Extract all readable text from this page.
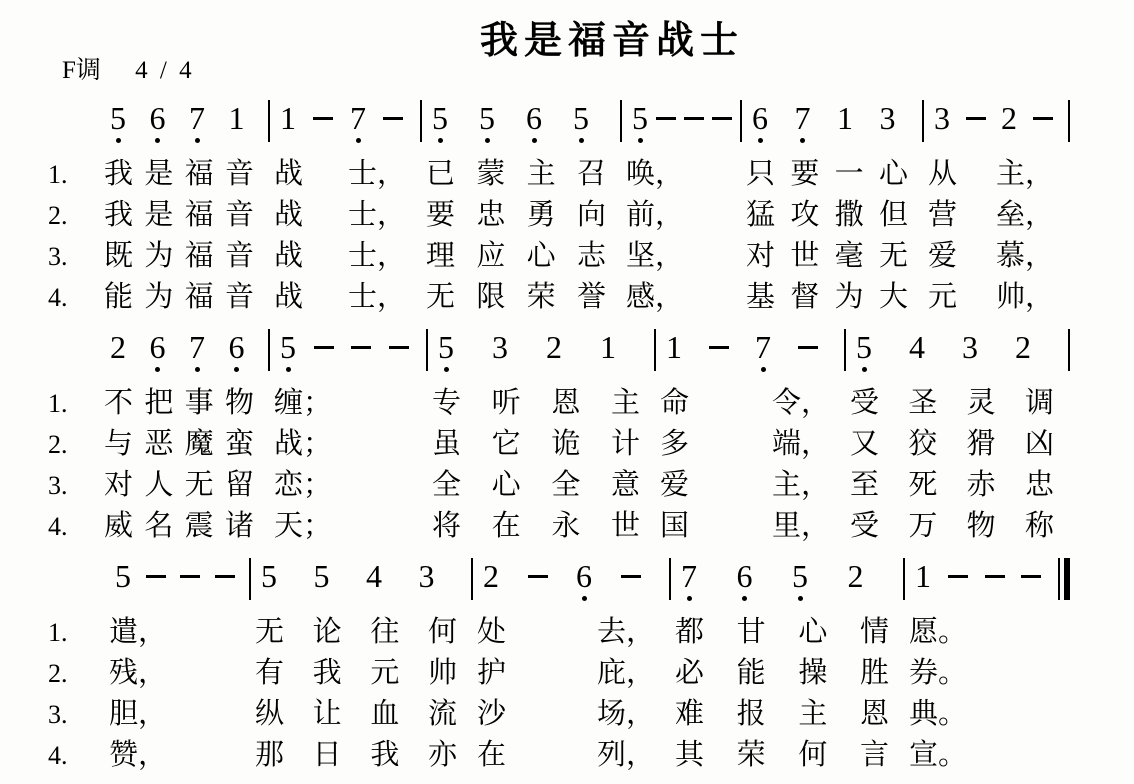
我是福音战士
F调 4 / 4
5 6 7 1 1 7 5 5 6 5 5	6 7 1 3 3 2
1.	我 是 福 音 战 士， 已 蒙 主 召 唤， 只 要 一 心 从 主，
2.	我 是 福 音 战 士， 要 忠 勇 向 前， 猛 攻 撒 但 营 垒，
3.	既 为 福 音 战 士， 理 应 心 志 坚， 对 世 毫 无 爱 慕，
4.	能 为 福 音 战 士， 无 限 荣 誉 感， 基 督 为 大 元 帅，
2 6 7 6 5	5 3 2 1 1 7	5 4 3 2
1.	不 把 事 物 缠；	专 听 恩 主 命	令， 受 圣 灵 调
2.	与 恶 魔 蛮 战；	虽 它 诡 计 多	端， 又 狡 猾 凶
3.	对 人 无 留 恋；	全 心 全 意 爱	主， 至 死 赤 忠
4.	威 名 震 诸 天；	将 在 永 世 国	里， 受 万 物 称
5	5 5 4 3 2 6	7 6 5 2 1
1.	遣，	无 论 往 何 处	去， 都 甘 心 情 愿。
2.	残，	有 我 元 帅 护	庇， 必 能 操 胜 券。
3.	胆，	纵 让 血 流 沙	场， 难 报 主 恩 典。
4.	赞，	那 日 我 亦 在	列， 其 荣 何 言 宣。
